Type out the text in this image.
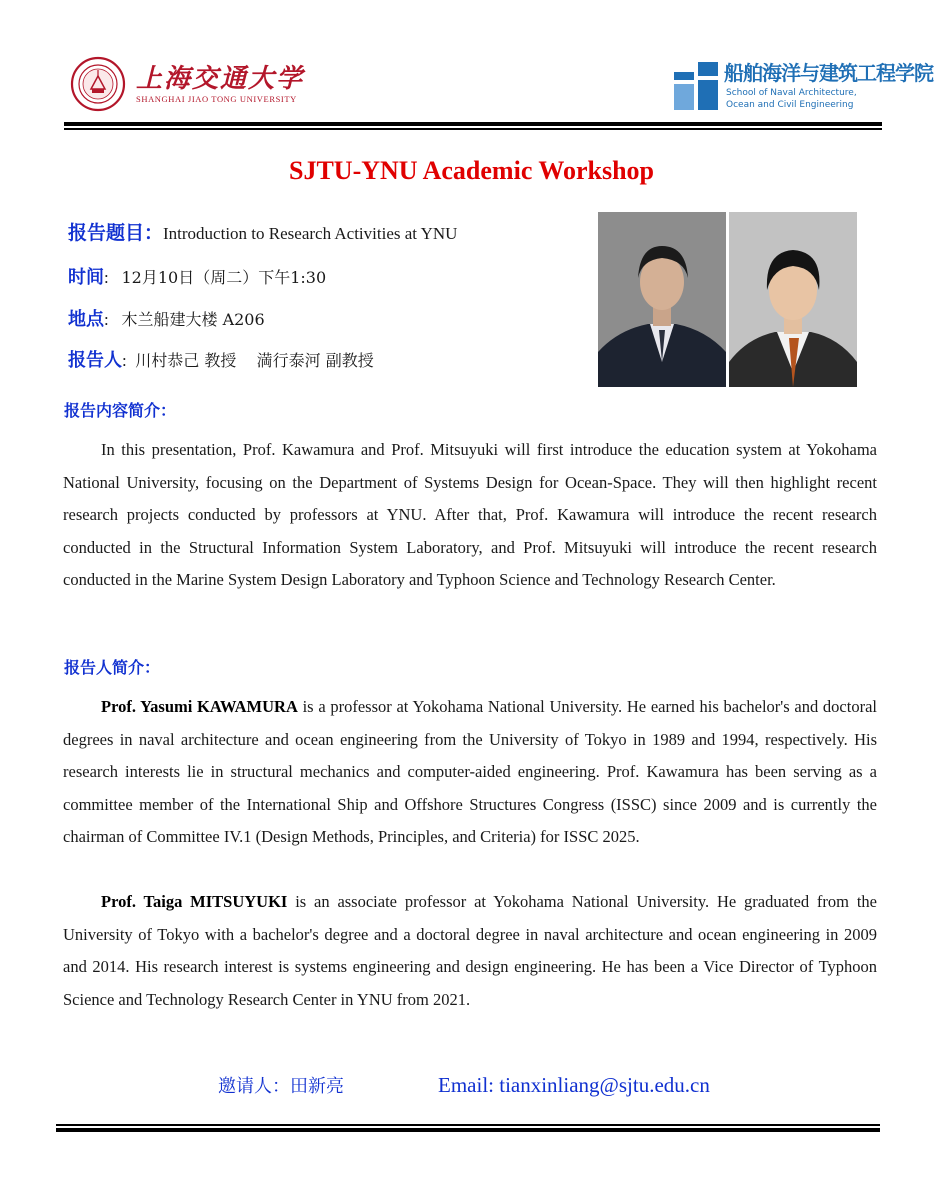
上海交通大学
SHANGHAI JIAO TONG UNIVERSITY
船舶海洋与建筑工程学院
School of Naval Architecture,
Ocean and Civil Engineering
SJTU-YNU Academic Workshop
报告题目：Introduction to Research Activities at YNU
时间: 12月10日（周二）下午1:30
地点: 木兰船建大楼 A206
报告人: 川村恭己 教授    満行泰河 副教授
报告内容简介：
In this presentation, Prof. Kawamura and Prof. Mitsuyuki will first introduce the education system at Yokohama National University, focusing on the Department of Systems Design for Ocean-Space. They will then highlight recent research projects conducted by professors at YNU. After that, Prof. Kawamura will introduce the recent research conducted in the Structural Information System Laboratory, and Prof. Mitsuyuki will introduce the recent research conducted in the Marine System Design Laboratory and Typhoon Science and Technology Research Center.
报告人简介：
Prof. Yasumi KAWAMURA is a professor at Yokohama National University. He earned his bachelor's and doctoral degrees in naval architecture and ocean engineering from the University of Tokyo in 1989 and 1994, respectively. His research interests lie in structural mechanics and computer-aided engineering. Prof. Kawamura has been serving as a committee member of the International Ship and Offshore Structures Congress (ISSC) since 2009 and is currently the chairman of Committee IV.1 (Design Methods, Principles, and Criteria) for ISSC 2025.
Prof. Taiga MITSUYUKI is an associate professor at Yokohama National University. He graduated from the University of Tokyo with a bachelor's degree and a doctoral degree in naval architecture and ocean engineering in 2009 and 2014. His research interest is systems engineering and design engineering. He has been a Vice Director of Typhoon Science and Technology Research Center in YNU from 2021.
邀请人：田新亮	Email: tianxinliang@sjtu.edu.cn
